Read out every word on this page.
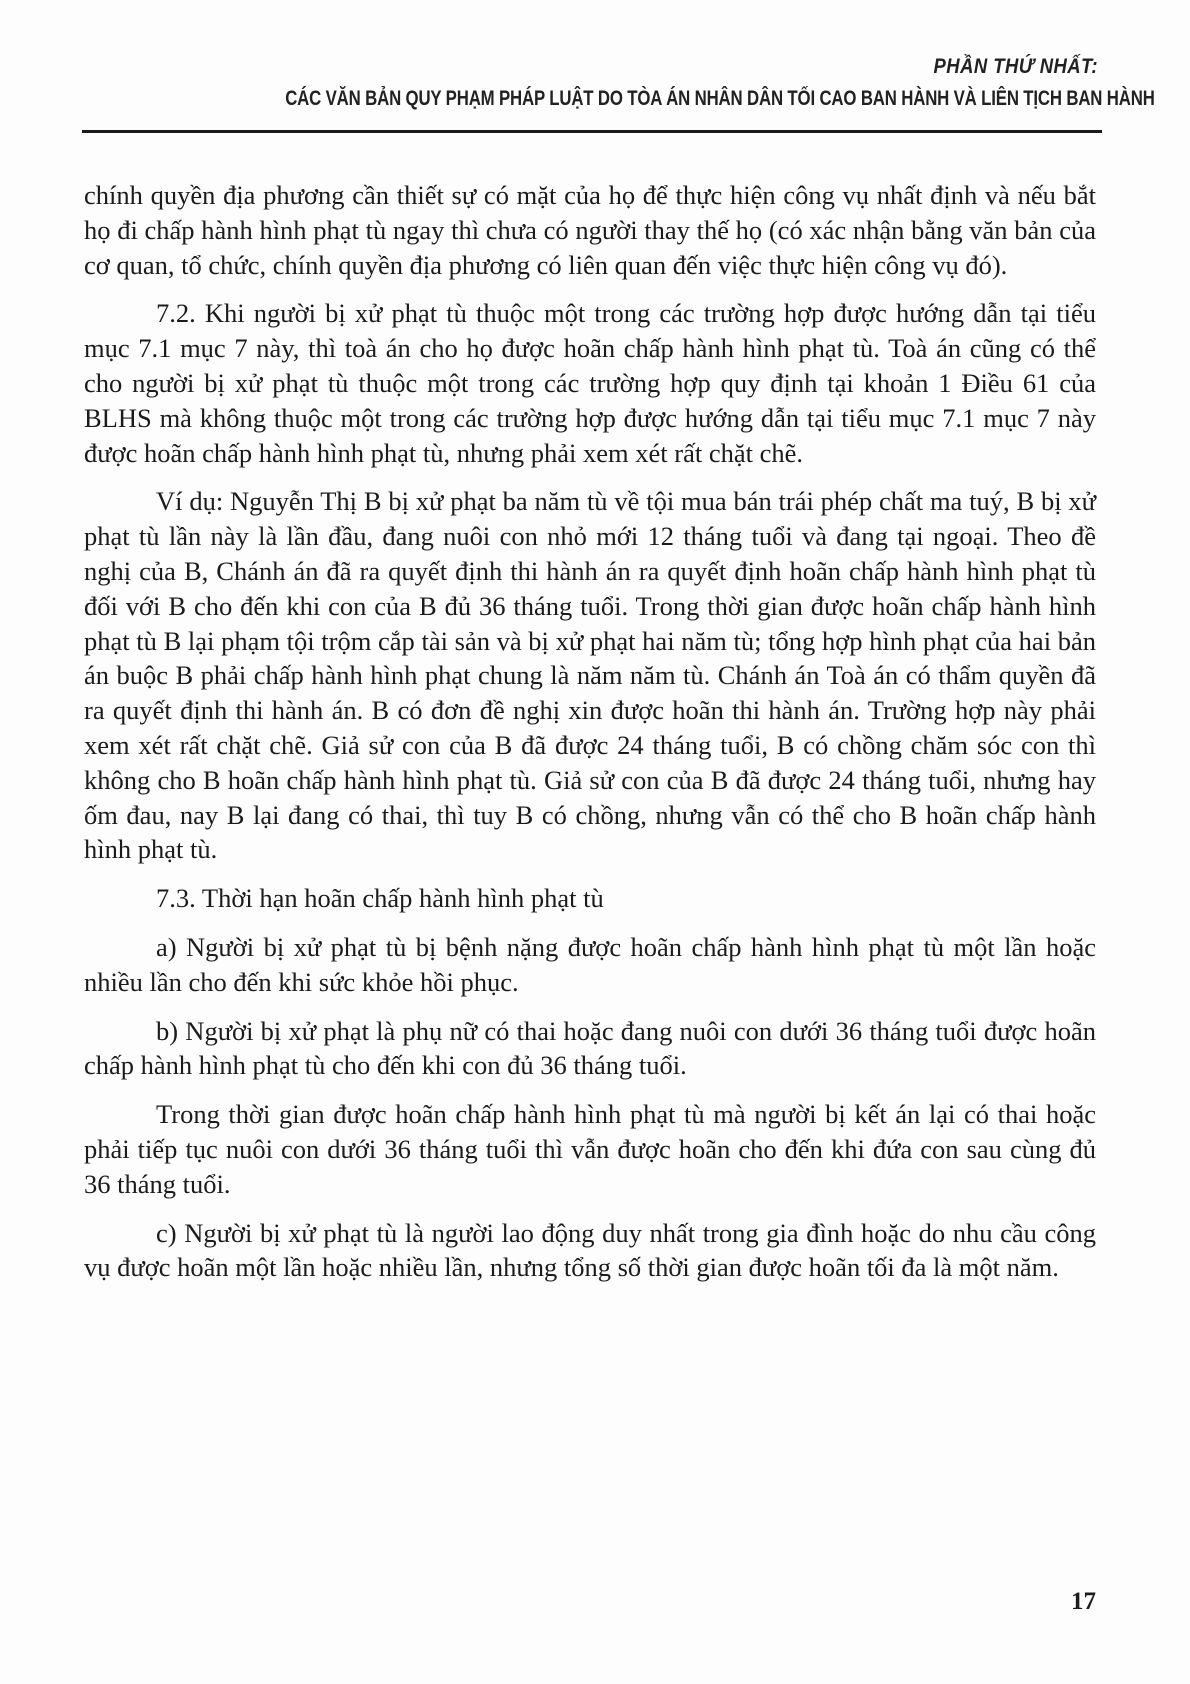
PHẦN THỨ NHẤT:
CÁC VĂN BẢN QUY PHẠM PHÁP LUẬT DO TÒA ÁN NHÂN DÂN TỐI CAO BAN HÀNH VÀ LIÊN TỊCH BAN HÀNH

chính quyền địa phương cần thiết sự có mặt của họ để thực hiện công vụ nhất định và nếu bắt họ đi chấp hành hình phạt tù ngay thì chưa có người thay thế họ (có xác nhận bằng văn bản của cơ quan, tổ chức, chính quyền địa phương có liên quan đến việc thực hiện công vụ đó).

7.2. Khi người bị xử phạt tù thuộc một trong các trường hợp được hướng dẫn tại tiểu mục 7.1 mục 7 này, thì toà án cho họ được hoãn chấp hành hình phạt tù. Toà án cũng có thể cho người bị xử phạt tù thuộc một trong các trường hợp quy định tại khoản 1 Điều 61 của BLHS mà không thuộc một trong các trường hợp được hướng dẫn tại tiểu mục 7.1 mục 7 này được hoãn chấp hành hình phạt tù, nhưng phải xem xét rất chặt chẽ.

Ví dụ: Nguyễn Thị B bị xử phạt ba năm tù về tội mua bán trái phép chất ma tuý, B bị xử phạt tù lần này là lần đầu, đang nuôi con nhỏ mới 12 tháng tuổi và đang tại ngoại. Theo đề nghị của B, Chánh án đã ra quyết định thi hành án ra quyết định hoãn chấp hành hình phạt tù đối với B cho đến khi con của B đủ 36 tháng tuổi. Trong thời gian được hoãn chấp hành hình phạt tù B lại phạm tội trộm cắp tài sản và bị xử phạt hai năm tù; tổng hợp hình phạt của hai bản án buộc B phải chấp hành hình phạt chung là năm năm tù. Chánh án Toà án có thẩm quyền đã ra quyết định thi hành án. B có đơn đề nghị xin được hoãn thi hành án. Trường hợp này phải xem xét rất chặt chẽ. Giả sử con của B đã được 24 tháng tuổi, B có chồng chăm sóc con thì không cho B hoãn chấp hành hình phạt tù. Giả sử con của B đã được 24 tháng tuổi, nhưng hay ốm đau, nay B lại đang có thai, thì tuy B có chồng, nhưng vẫn có thể cho B hoãn chấp hành hình phạt tù.

7.3. Thời hạn hoãn chấp hành hình phạt tù

a) Người bị xử phạt tù bị bệnh nặng được hoãn chấp hành hình phạt tù một lần hoặc nhiều lần cho đến khi sức khỏe hồi phục.

b) Người bị xử phạt là phụ nữ có thai hoặc đang nuôi con dưới 36 tháng tuổi được hoãn chấp hành hình phạt tù cho đến khi con đủ 36 tháng tuổi.

Trong thời gian được hoãn chấp hành hình phạt tù mà người bị kết án lại có thai hoặc phải tiếp tục nuôi con dưới 36 tháng tuổi thì vẫn được hoãn cho đến khi đứa con sau cùng đủ 36 tháng tuổi.

c) Người bị xử phạt tù là người lao động duy nhất trong gia đình hoặc do nhu cầu công vụ được hoãn một lần hoặc nhiều lần, nhưng tổng số thời gian được hoãn tối đa là một năm.

17
